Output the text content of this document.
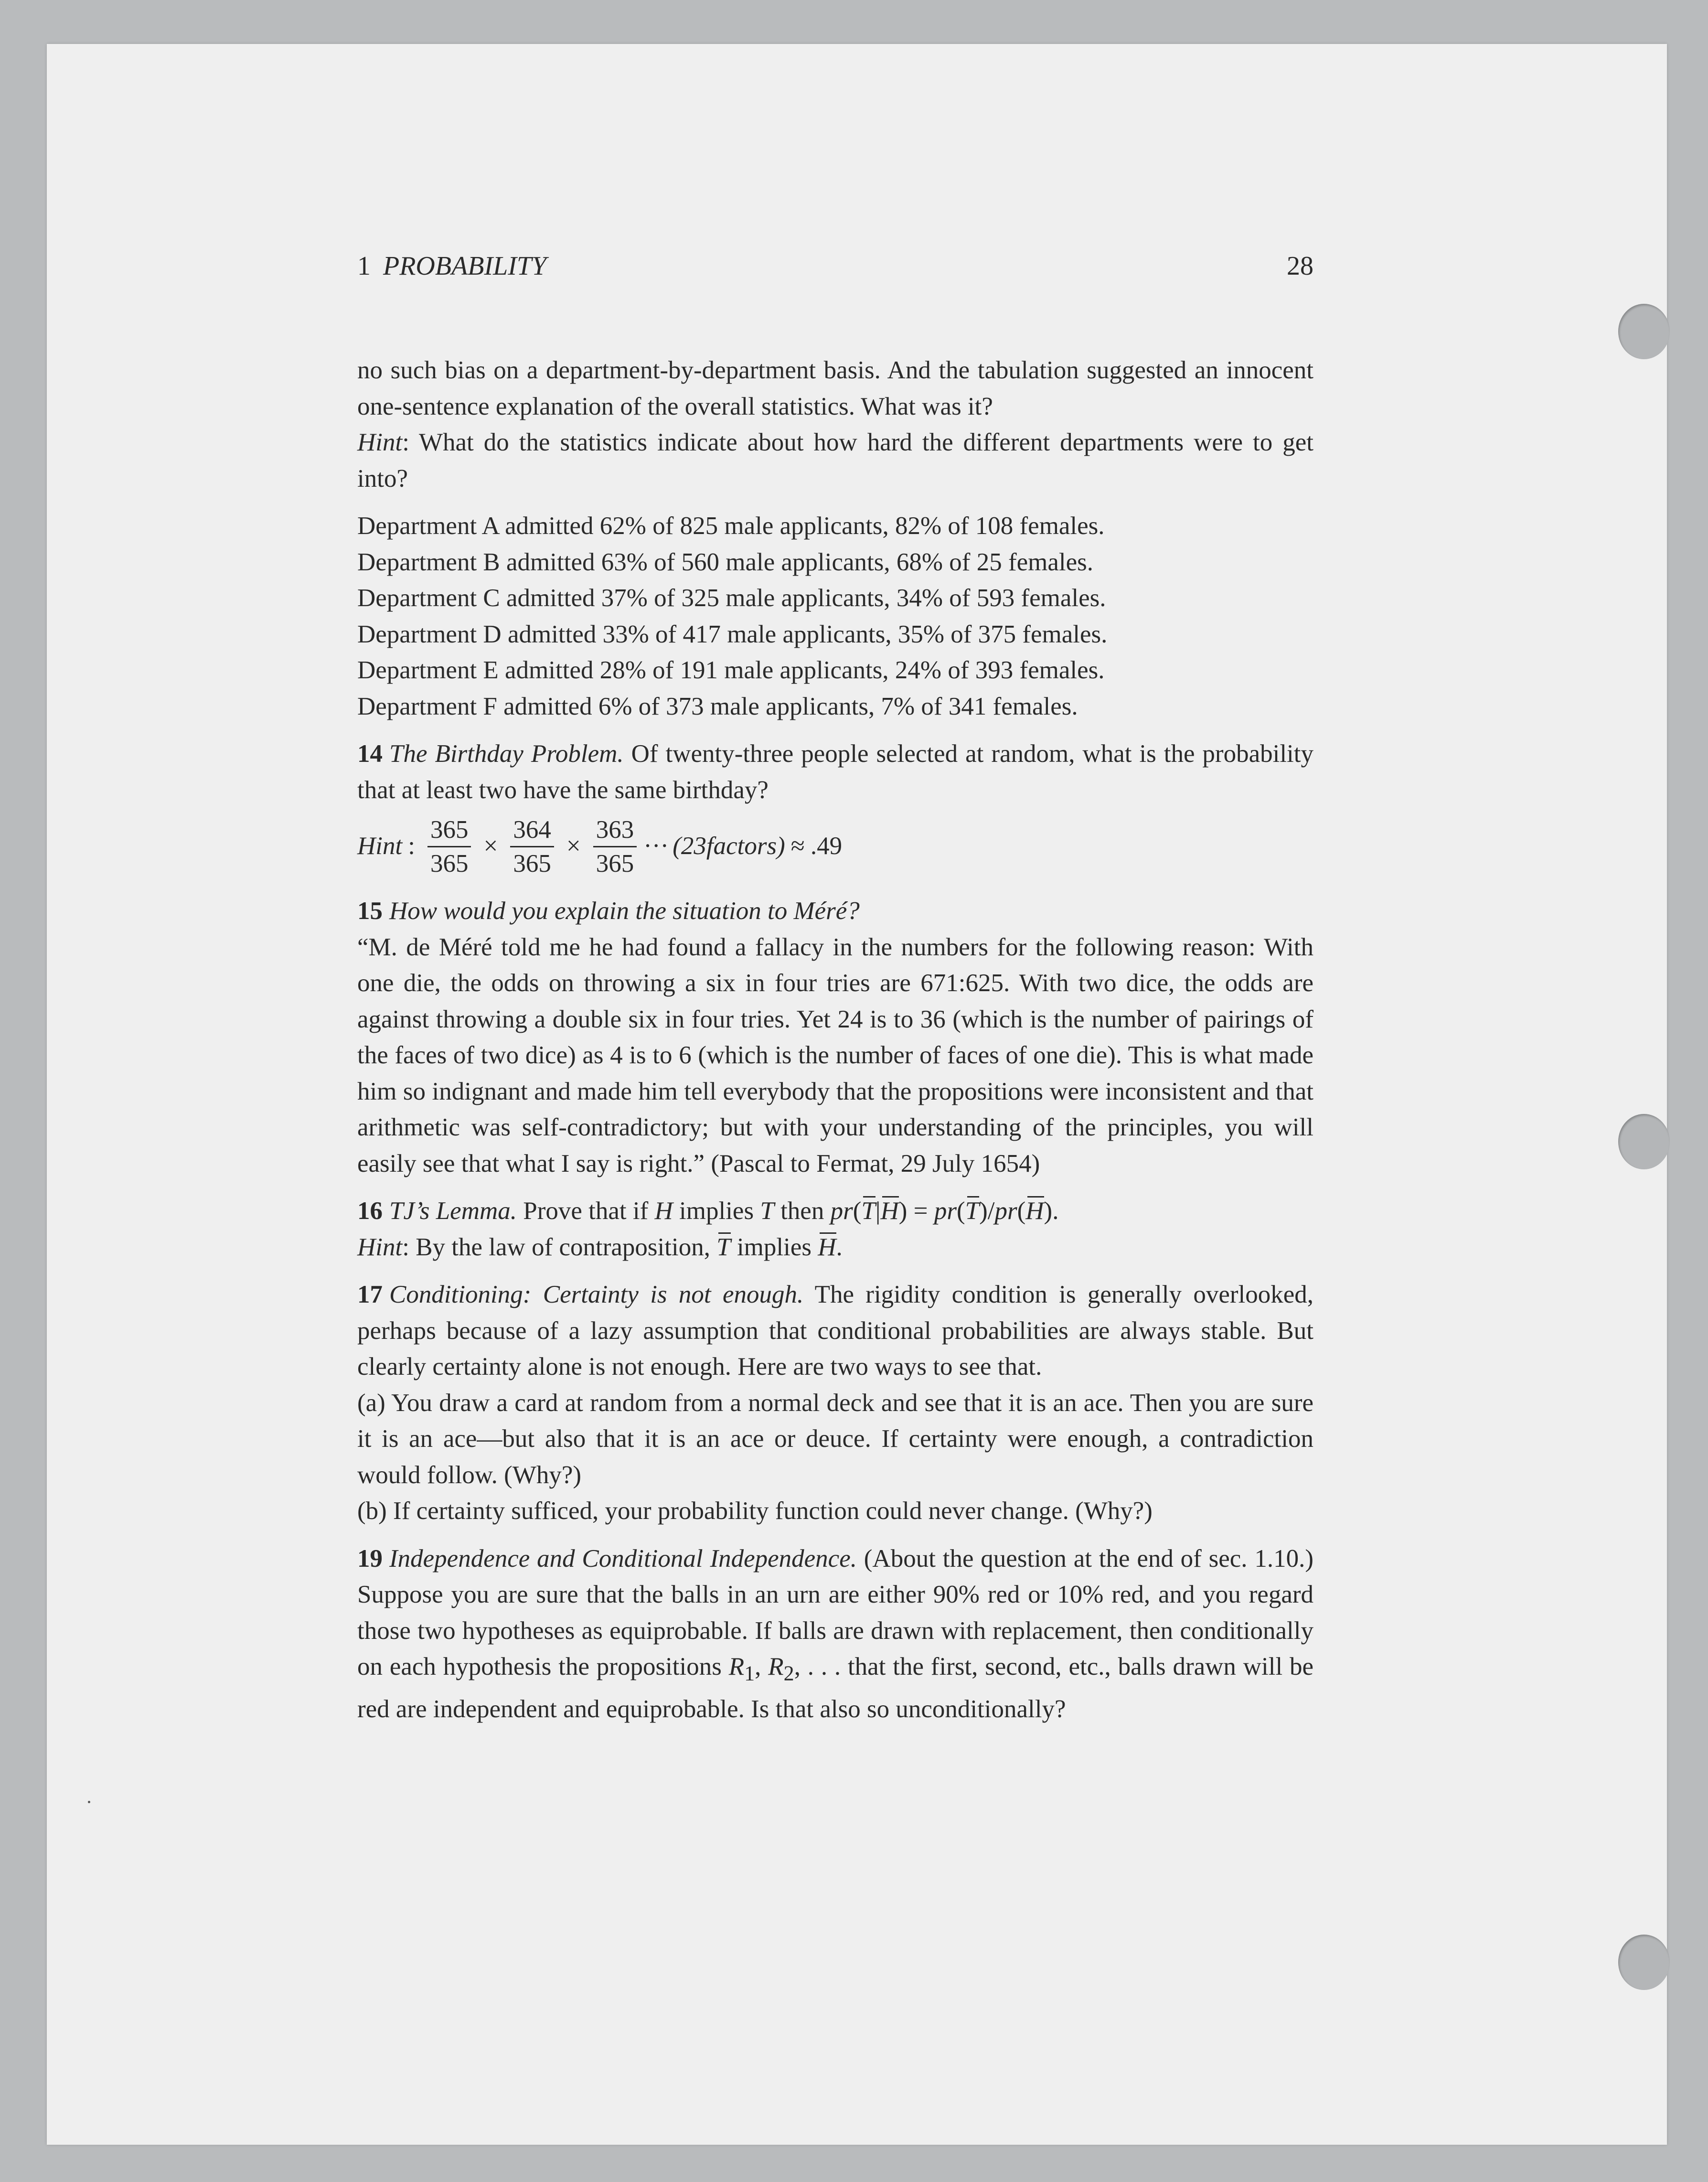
1 PROBABILITY	28

no such bias on a department-by-department basis. And the tabulation suggested an innocent one-sentence explanation of the overall statistics. What was it?

Hint: What do the statistics indicate about how hard the different departments were to get into?

Department A admitted 62% of 825 male applicants, 82% of 108 females.

Department B admitted 63% of 560 male applicants, 68% of 25 females.

Department C admitted 37% of 325 male applicants, 34% of 593 females.

Department D admitted 33% of 417 male applicants, 35% of 375 females.

Department E admitted 28% of 191 male applicants, 24% of 393 females.

Department F admitted 6% of 373 male applicants, 7% of 341 females.

14 The Birthday Problem. Of twenty-three people selected at random, what is the probability that at least two have the same birthday?

Hint : $\frac{365}{365} \times \frac{364}{365} \times \frac{363}{365}$ ··· (23factors) ≈ .49

15 How would you explain the situation to Méré?

“M. de Méré told me he had found a fallacy in the numbers for the following reason: With one die, the odds on throwing a six in four tries are 671:625. With two dice, the odds are against throwing a double six in four tries. Yet 24 is to 36 (which is the number of pairings of the faces of two dice) as 4 is to 6 (which is the number of faces of one die). This is what made him so indignant and made him tell everybody that the propositions were inconsistent and that arithmetic was self-contradictory; but with your understanding of the principles, you will easily see that what I say is right.” (Pascal to Fermat, 29 July 1654)

16 TJ’s Lemma. Prove that if H implies T then pr(T|H) = pr(T)/pr(H).

Hint: By the law of contraposition, T implies H.

17 Conditioning: Certainty is not enough. The rigidity condition is generally overlooked, perhaps because of a lazy assumption that conditional probabilities are always stable. But clearly certainty alone is not enough. Here are two ways to see that.

(a) You draw a card at random from a normal deck and see that it is an ace. Then you are sure it is an ace—but also that it is an ace or deuce. If certainty were enough, a contradiction would follow. (Why?)

(b) If certainty sufficed, your probability function could never change. (Why?)

19 Independence and Conditional Independence. (About the question at the end of sec. 1.10.) Suppose you are sure that the balls in an urn are either 90% red or 10% red, and you regard those two hypotheses as equiprobable. If balls are drawn with replacement, then conditionally on each hypothesis the propositions $R_1$, $R_2$, . . . that the first, second, etc., balls drawn will be red are independent and equiprobable. Is that also so unconditionally?
